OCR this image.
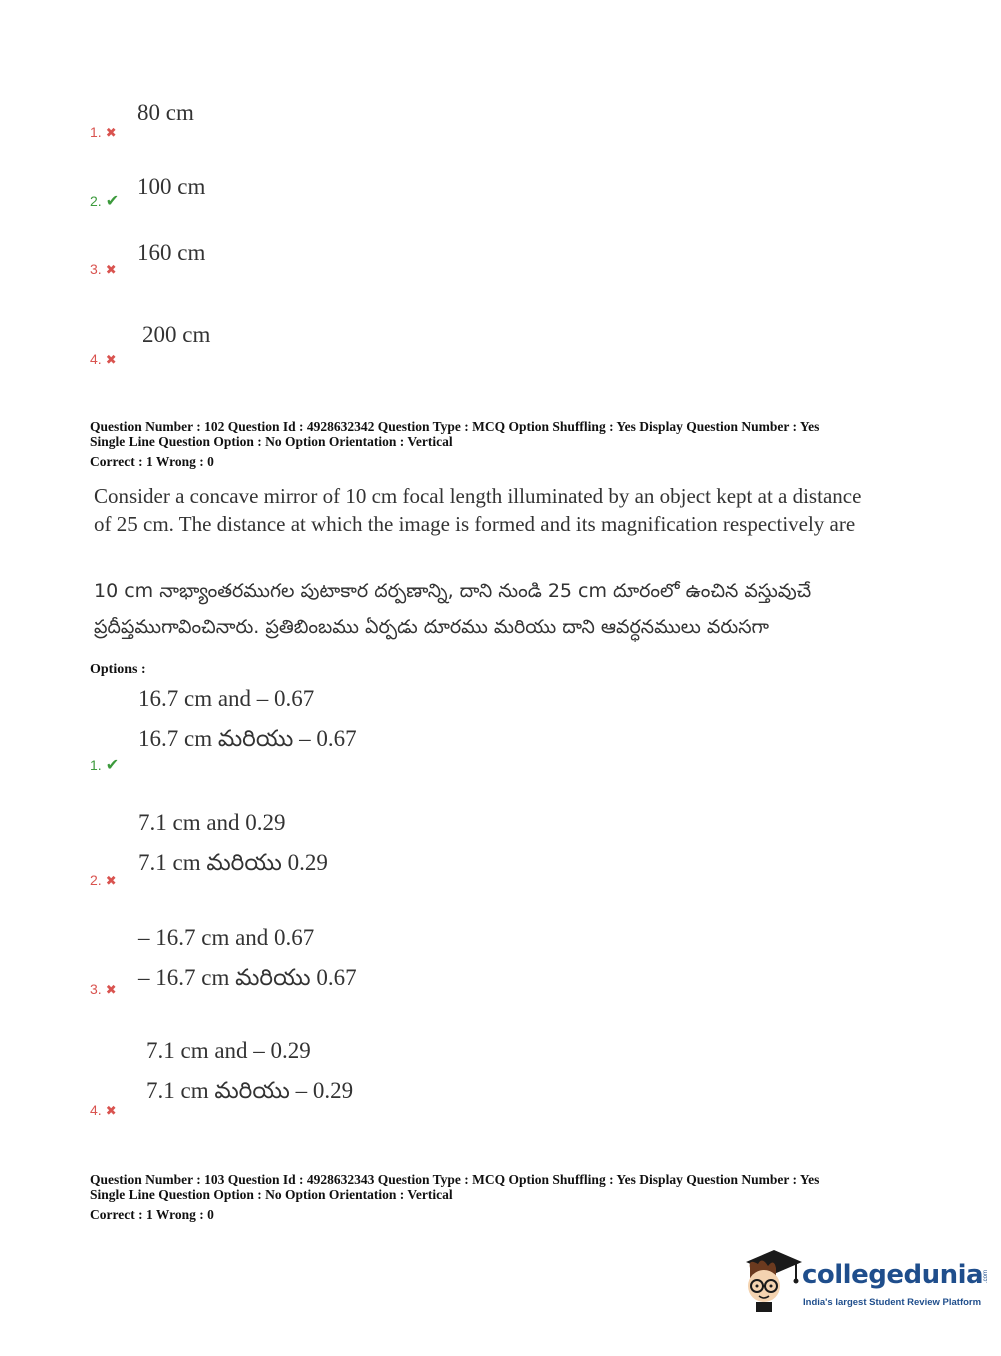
80 cm
1. ✖
100 cm
2. ✔
160 cm
3. ✖
200 cm
4. ✖
Question Number : 102 Question Id : 4928632342 Question Type : MCQ Option Shuffling : Yes Display Question Number : Yes
Single Line Question Option : No Option Orientation : Vertical
Correct : 1 Wrong : 0
Consider a concave mirror of 10 cm focal length illuminated by an object kept at a distance
of 25 cm. The distance at which the image is formed and its magnification respectively are
10 cm నాభ్యాంతరముగల పుటాకార దర్పణాన్ని, దాని నుండి 25 cm దూరంలో ఉంచిన వస్తువుచే
ప్రదీప్తముగావించినారు. ప్రతిబింబము ఏర్పడు దూరము మరియు దాని ఆవర్ధనములు వరుసగా
Options :
16.7 cm and – 0.67
16.7 cm మరియు – 0.67
1. ✔
7.1 cm and 0.29
7.1 cm మరియు 0.29
2. ✖
– 16.7 cm and 0.67
– 16.7 cm మరియు 0.67
3. ✖
7.1 cm and – 0.29
7.1 cm మరియు – 0.29
4. ✖
Question Number : 103 Question Id : 4928632343 Question Type : MCQ Option Shuffling : Yes Display Question Number : Yes
Single Line Question Option : No Option Orientation : Vertical
Correct : 1 Wrong : 0
collegedunia.com
India's largest Student Review Platform
